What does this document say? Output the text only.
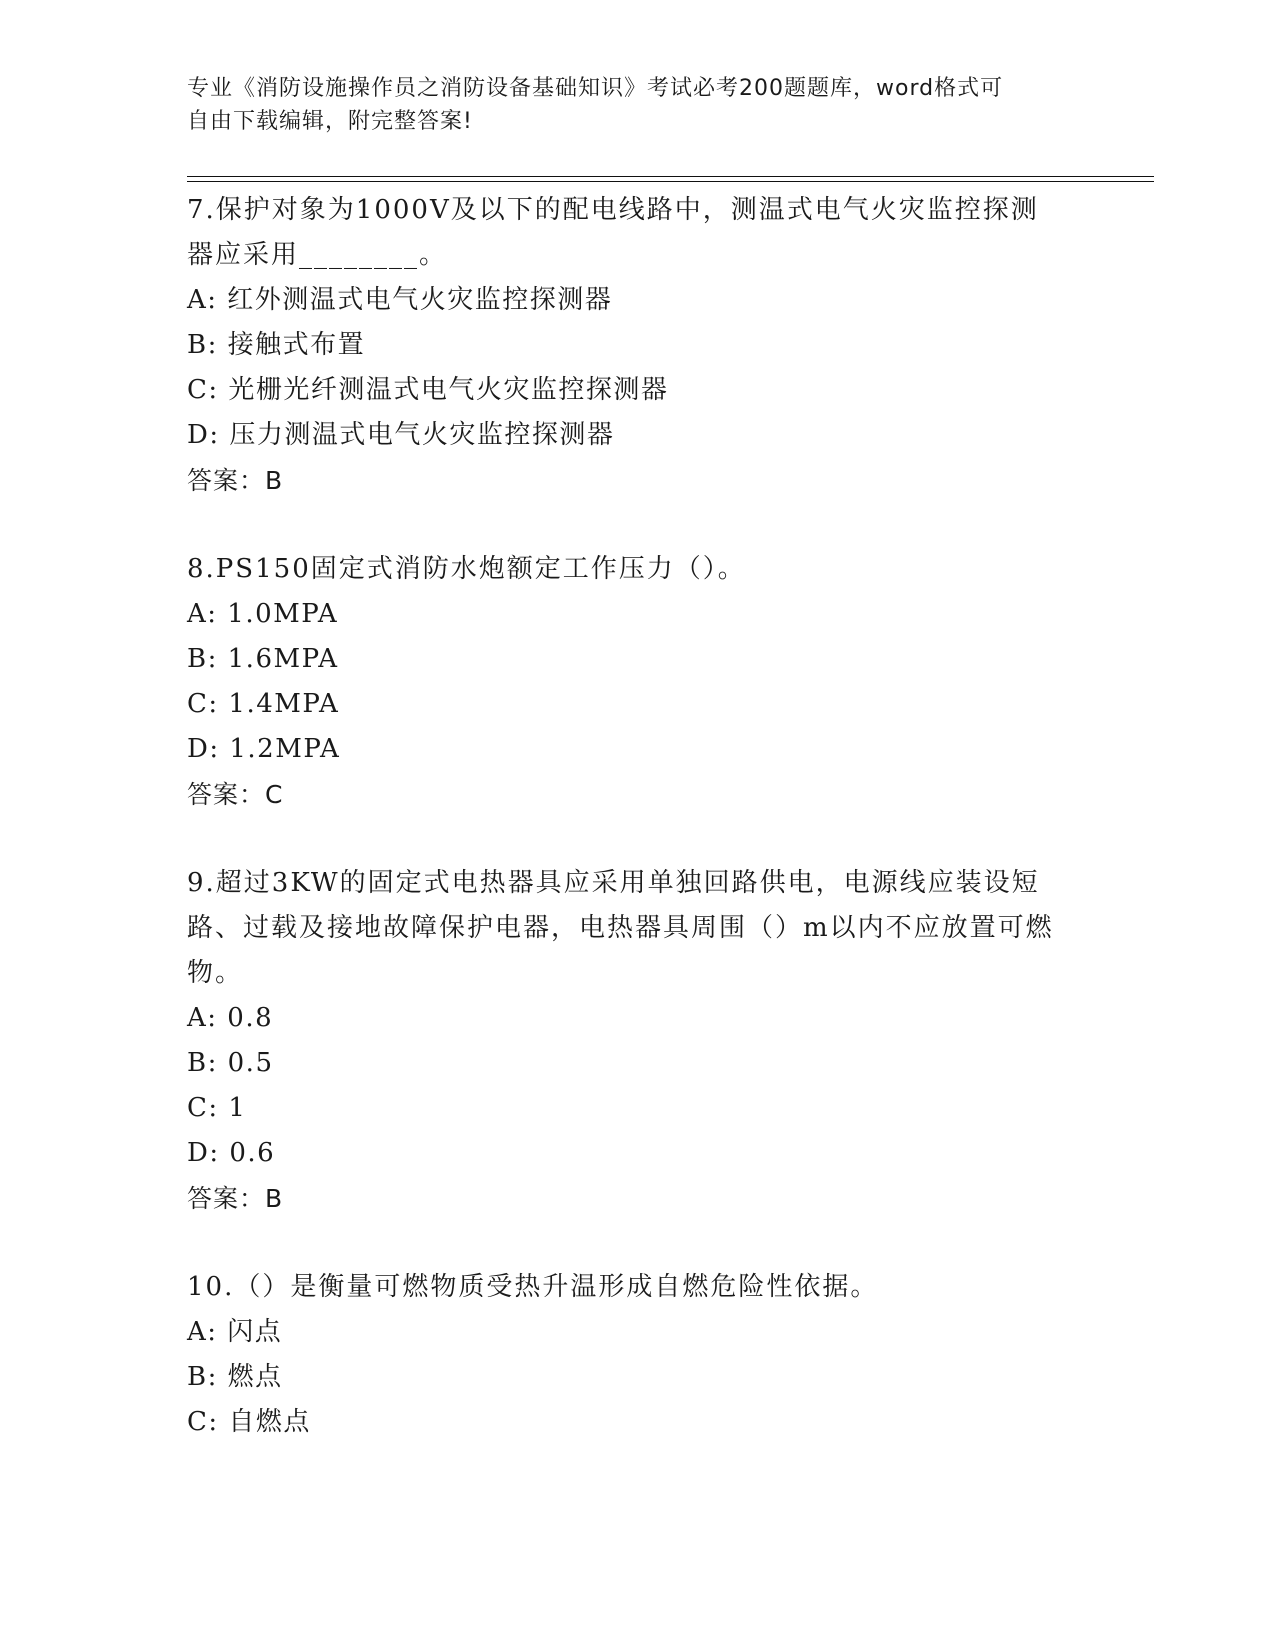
专业《消防设施操作员之消防设备基础知识》考试必考200题题库，word格式可
自由下载编辑，附完整答案!

7.保护对象为1000V及以下的配电线路中，测温式电气火灾监控探测

器应采用________。

A: 红外测温式电气火灾监控探测器

B: 接触式布置

C: 光栅光纤测温式电气火灾监控探测器

D: 压力测温式电气火灾监控探测器

答案：B

8.PS150固定式消防水炮额定工作压力（）。

A: 1.0MPA

B: 1.6MPA

C: 1.4MPA

D: 1.2MPA

答案：C

9.超过3KW的固定式电热器具应采用单独回路供电，电源线应装设短

路、过载及接地故障保护电器，电热器具周围（）m以内不应放置可燃

物。

A: 0.8

B: 0.5

C: 1

D: 0.6

答案：B

10.（）是衡量可燃物质受热升温形成自燃危险性依据。

A: 闪点

B: 燃点

C: 自燃点
